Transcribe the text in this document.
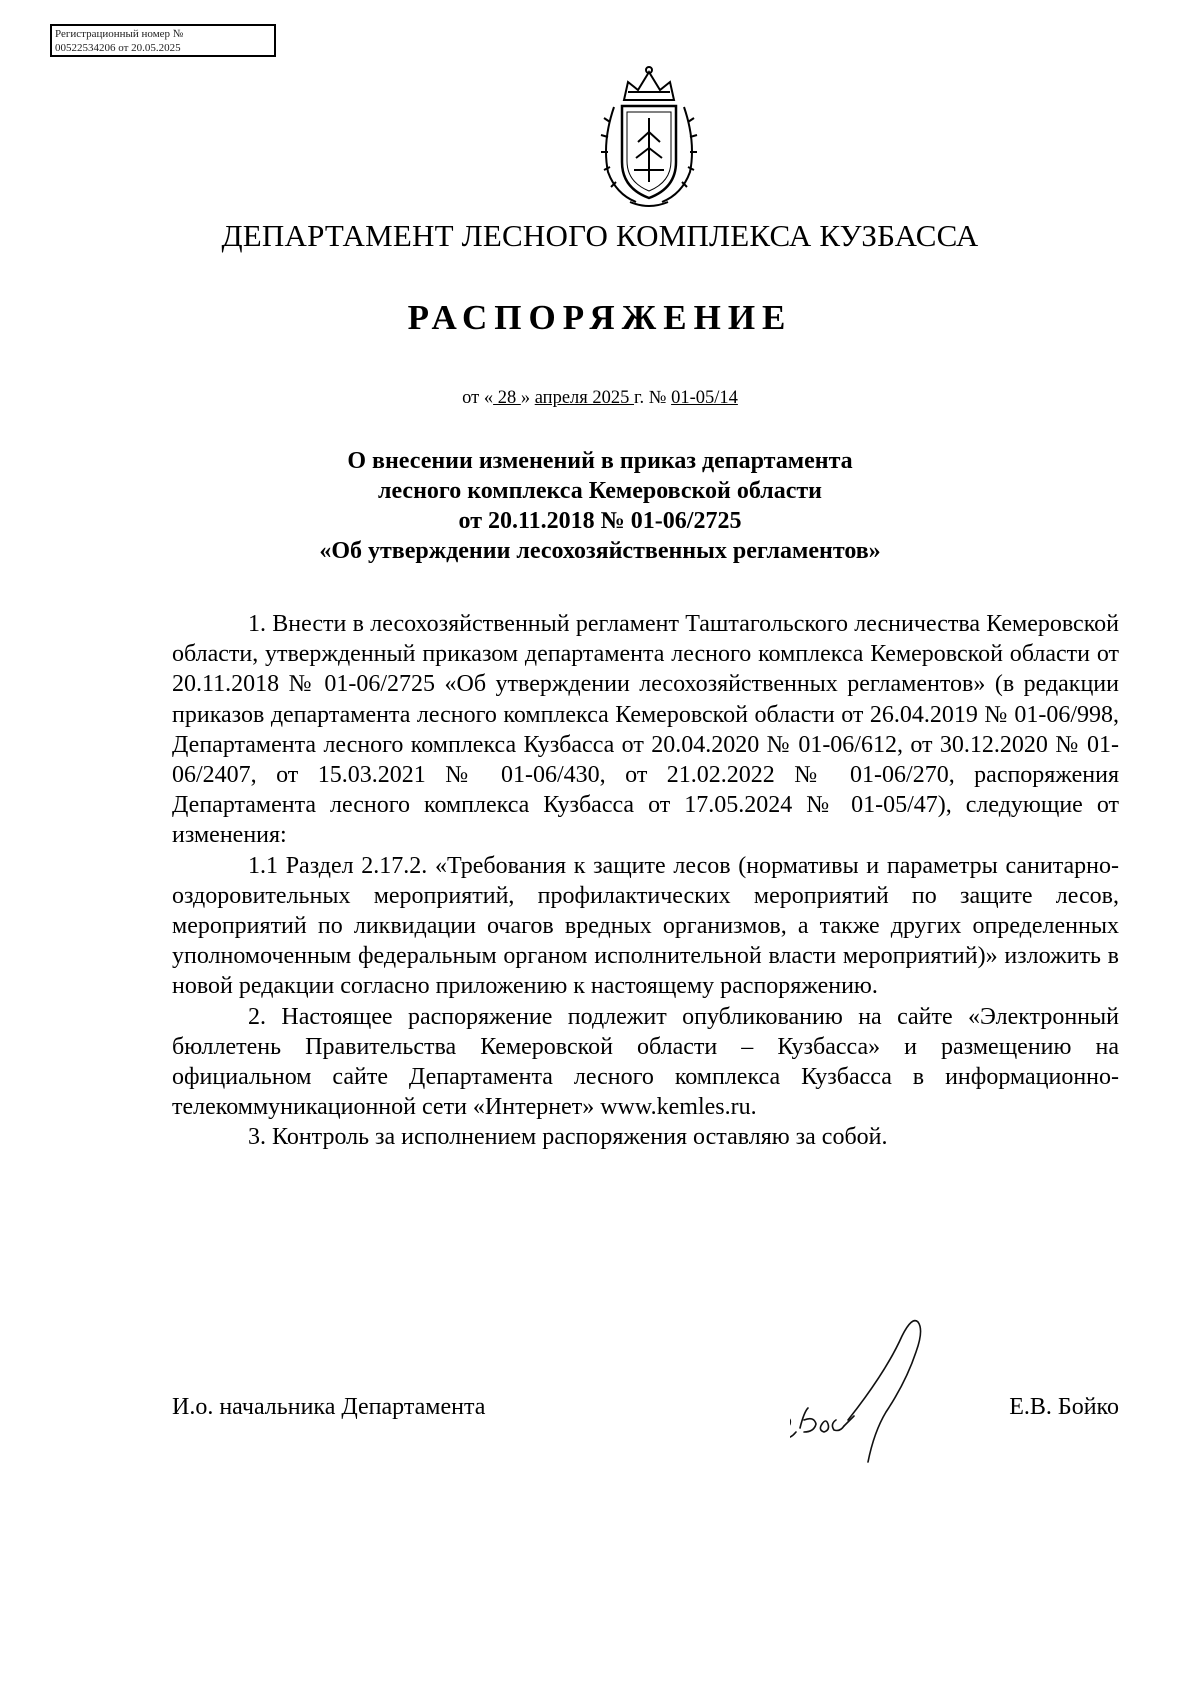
Регистрационный номер №
00522534206 от 20.05.2025
ДЕПАРТАМЕНТ ЛЕСНОГО КОМПЛЕКСА КУЗБАССА
РАСПОРЯЖЕНИЕ
от « 28 » апреля 2025 г. № 01-05/14
О внесении изменений в приказ департамента
лесного комплекса Кемеровской области
от 20.11.2018 № 01-06/2725
«Об утверждении лесохозяйственных регламентов»

1. Внести в лесохозяйственный регламент Таштагольского лесничества Кемеровской области, утвержденный приказом департамента лесного комплекса Кемеровской области от 20.11.2018 № 01-06/2725 «Об утверждении лесохозяйственных регламентов» (в редакции приказов департамента лесного комплекса Кемеровской области от 26.04.2019 № 01-06/998, Департамента лесного комплекса Кузбасса от 20.04.2020 № 01-06/612, от 30.12.2020 № 01-06/2407, от 15.03.2021 № 01-06/430, от 21.02.2022 № 01-06/270, распоряжения Департамента лесного комплекса Кузбасса от 17.05.2024 № 01-05/47), следующие от изменения:

1.1 Раздел 2.17.2. «Требования к защите лесов (нормативы и параметры санитарно-оздоровительных мероприятий, профилактических мероприятий по защите лесов, мероприятий по ликвидации очагов вредных организмов, а также других определенных уполномоченным федеральным органом исполнительной власти мероприятий)» изложить в новой редакции согласно приложению к настоящему распоряжению.

2. Настоящее распоряжение подлежит опубликованию на сайте «Электронный бюллетень Правительства Кемеровской области – Кузбасса» и размещению на официальном сайте Департамента лесного комплекса Кузбасса в информационно-телекоммуникационной сети «Интернет» www.kemles.ru.

3. Контроль за исполнением распоряжения оставляю за собой.

И.о. начальника Департамента	Е.В. Бойко
